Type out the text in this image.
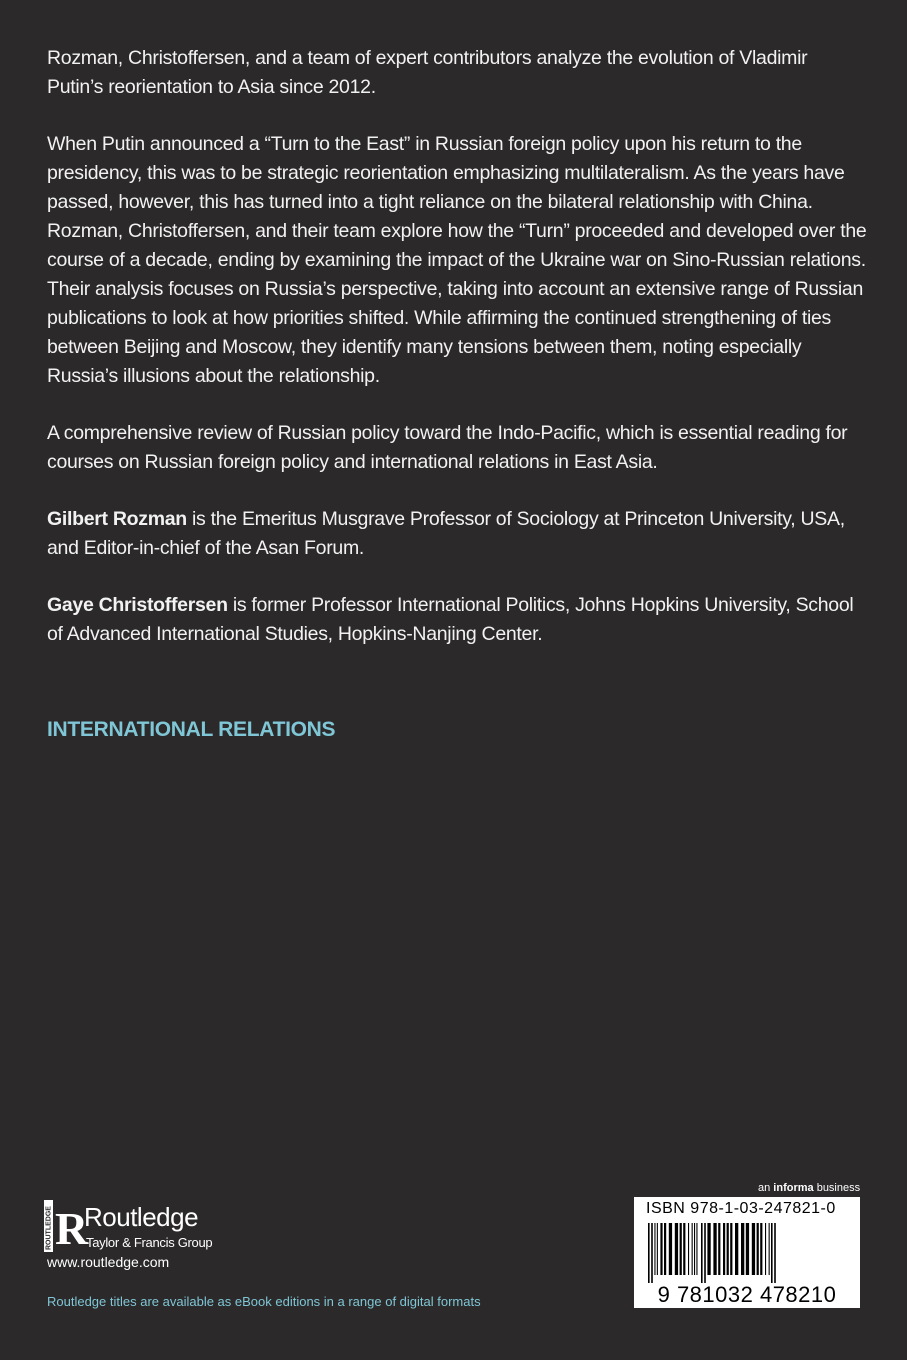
Rozman, Christoffersen, and a team of expert contributors analyze the evolution of Vladimir Putin’s reorientation to Asia since 2012.

When Putin announced a “Turn to the East” in Russian foreign policy upon his return to the presidency, this was to be strategic reorientation emphasizing multilateralism. As the years have passed, however, this has turned into a tight reliance on the bilateral relationship with China. Rozman, Christoffersen, and their team explore how the “Turn” proceeded and developed over the course of a decade, ending by examining the impact of the Ukraine war on Sino-Russian relations. Their analysis focuses on Russia’s perspective, taking into account an extensive range of Russian publications to look at how priorities shifted. While affirming the continued strengthening of ties between Beijing and Moscow, they identify many tensions between them, noting especially Russia’s illusions about the relationship.

A comprehensive review of Russian policy toward the Indo-Pacific, which is essential reading for courses on Russian foreign policy and international relations in East Asia.

Gilbert Rozman is the Emeritus Musgrave Professor of Sociology at Princeton University, USA, and Editor-in-chief of the Asan Forum.

Gaye Christoffersen is former Professor International Politics, Johns Hopkins University, School of Advanced International Studies, Hopkins-Nanjing Center.

INTERNATIONAL RELATIONS
ROUTLEDGE R
Routledge
Taylor & Francis Group
www.routledge.com
Routledge titles are available as eBook editions in a range of digital formats
an informa business
ISBN 978-1-03-247821-0
9 781032 478210
